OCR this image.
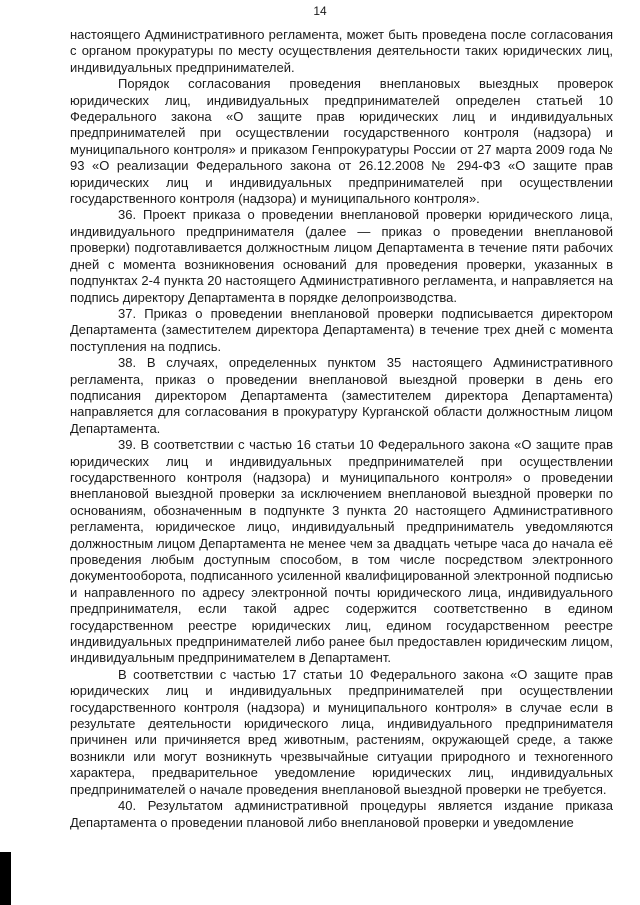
14

настоящего Административного регламента, может быть проведена после согласования с органом прокуратуры по месту осуществления деятельности таких юридических лиц, индивидуальных предпринимателей.

Порядок согласования проведения внеплановых выездных проверок юридических лиц, индивидуальных предпринимателей определен статьей 10 Федерального закона «О защите прав юридических лиц и индивидуальных предпринимателей при осуществлении государственного контроля (надзора) и муниципального контроля» и приказом Генпрокуратуры России от 27 марта 2009 года № 93 «О реализации Федерального закона от 26.12.2008 № 294-ФЗ «О защите прав юридических лиц и индивидуальных предпринимателей при осуществлении государственного контроля (надзора) и муниципального контроля».

36. Проект приказа о проведении внеплановой проверки юридического лица, индивидуального предпринимателя (далее — приказ о проведении внеплановой проверки) подготавливается должностным лицом Департамента в течение пяти рабочих дней с момента возникновения оснований для проведения проверки, указанных в подпунктах 2-4 пункта 20 настоящего Административного регламента, и направляется на подпись директору Департамента в порядке делопроизводства.

37. Приказ о проведении внеплановой проверки подписывается директором Департамента (заместителем директора Департамента) в течение трех дней с момента поступления на подпись.

38. В случаях, определенных пунктом 35 настоящего Административного регламента, приказ о проведении внеплановой выездной проверки в день его подписания директором Департамента (заместителем директора Департамента) направляется для согласования в прокуратуру Курганской области должностным лицом Департамента.

39. В соответствии с частью 16 статьи 10 Федерального закона «О защите прав юридических лиц и индивидуальных предпринимателей при осуществлении государственного контроля (надзора) и муниципального контроля» о проведении внеплановой выездной проверки за исключением внеплановой выездной проверки по основаниям, обозначенным в подпункте 3 пункта 20 настоящего Административного регламента, юридическое лицо, индивидуальный предприниматель уведомляются должностным лицом Департамента не менее чем за двадцать четыре часа до начала её проведения любым доступным способом, в том числе посредством электронного документооборота, подписанного усиленной квалифицированной электронной подписью и направленного по адресу электронной почты юридического лица, индивидуального предпринимателя, если такой адрес содержится соответственно в едином государственном реестре юридических лиц, едином государственном реестре индивидуальных предпринимателей либо ранее был предоставлен юридическим лицом, индивидуальным предпринимателем в Департамент.

В соответствии с частью 17 статьи 10 Федерального закона «О защите прав юридических лиц и индивидуальных предпринимателей при осуществлении государственного контроля (надзора) и муниципального контроля» в случае если в результате деятельности юридического лица, индивидуального предпринимателя причинен или причиняется вред животным, растениям, окружающей среде, а также возникли или могут возникнуть чрезвычайные ситуации природного и техногенного характера, предварительное уведомление юридических лиц, индивидуальных предпринимателей о начале проведения внеплановой выездной проверки не требуется.

40. Результатом административной процедуры является издание приказа Департамента о проведении плановой либо внеплановой проверки и уведомление
